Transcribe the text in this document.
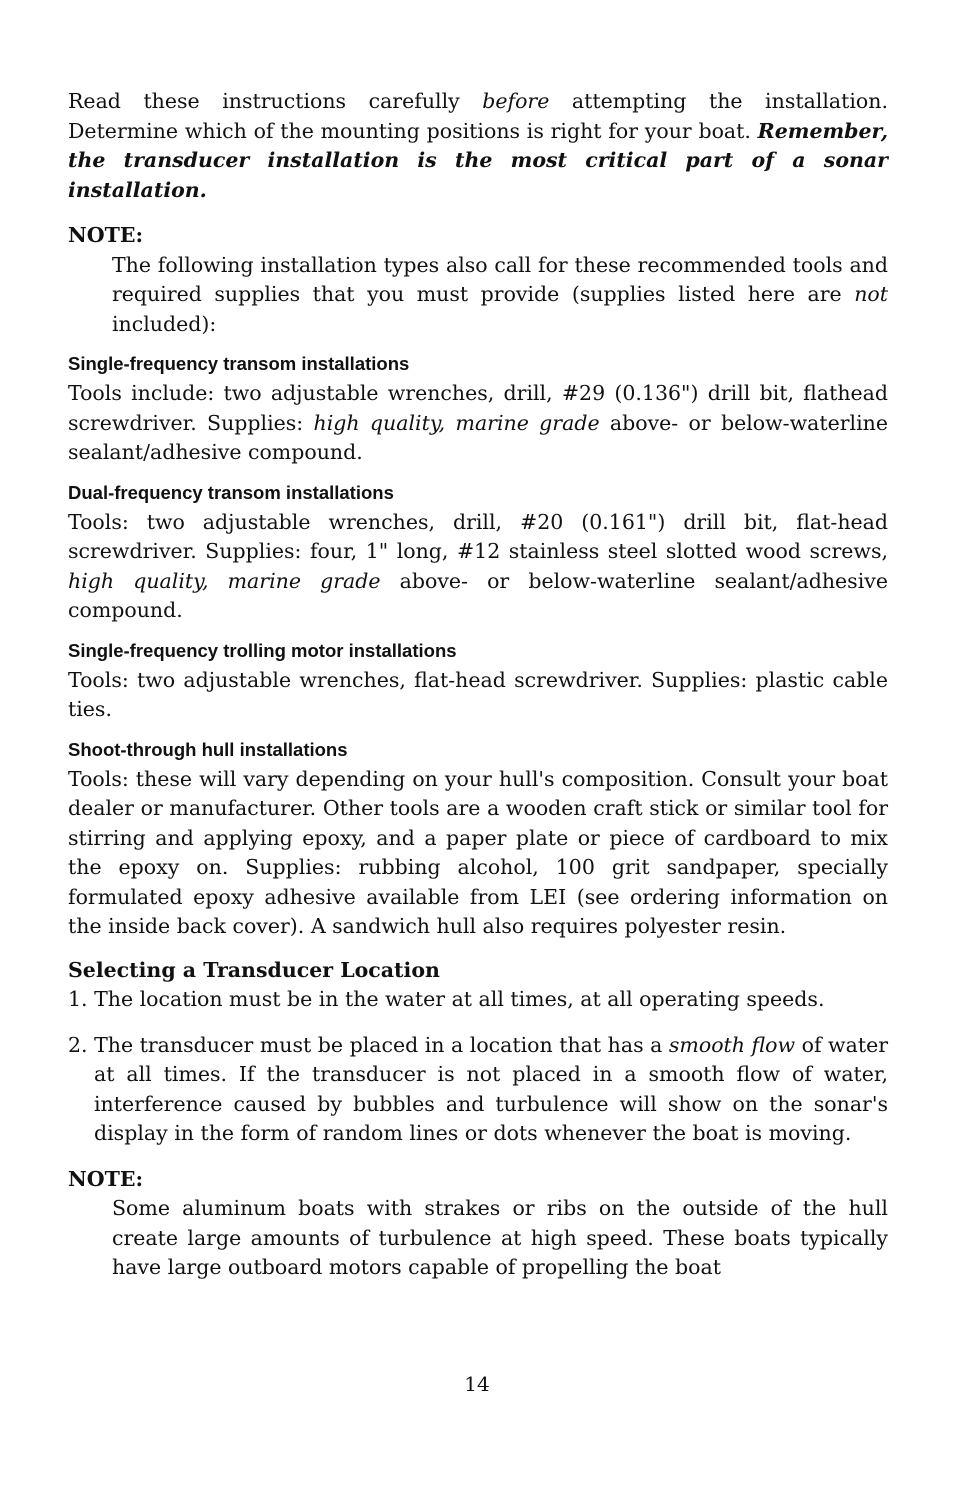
Read these instructions carefully before attempting the installation. Determine which of the mounting positions is right for your boat. Remember, the transducer installation is the most critical part of a sonar installation.

NOTE:

The following installation types also call for these recommended tools and required supplies that you must provide (supplies listed here are not included):

Single-frequency transom installations

Tools include: two adjustable wrenches, drill, #29 (0.136") drill bit, flathead screwdriver. Supplies: high quality, marine grade above- or below-waterline sealant/adhesive compound.

Dual-frequency transom installations

Tools: two adjustable wrenches, drill, #20 (0.161") drill bit, flat-head screwdriver. Supplies: four, 1" long, #12 stainless steel slotted wood screws, high quality, marine grade above- or below-waterline sealant/adhesive compound.

Single-frequency trolling motor installations

Tools: two adjustable wrenches, flat-head screwdriver. Supplies: plastic cable ties.

Shoot-through hull installations

Tools: these will vary depending on your hull's composition. Consult your boat dealer or manufacturer. Other tools are a wooden craft stick or similar tool for stirring and applying epoxy, and a paper plate or piece of cardboard to mix the epoxy on. Supplies: rubbing alcohol, 100 grit sandpaper, specially formulated epoxy adhesive available from LEI (see ordering information on the inside back cover). A sandwich hull also requires polyester resin.

Selecting a Transducer Location

1. The location must be in the water at all times, at all operating speeds.

2. The transducer must be placed in a location that has a smooth flow of water at all times. If the transducer is not placed in a smooth flow of water, interference caused by bubbles and turbulence will show on the sonar's display in the form of random lines or dots whenever the boat is moving.

NOTE:

Some aluminum boats with strakes or ribs on the outside of the hull create large amounts of turbulence at high speed. These boats typically have large outboard motors capable of propelling the boat

14
